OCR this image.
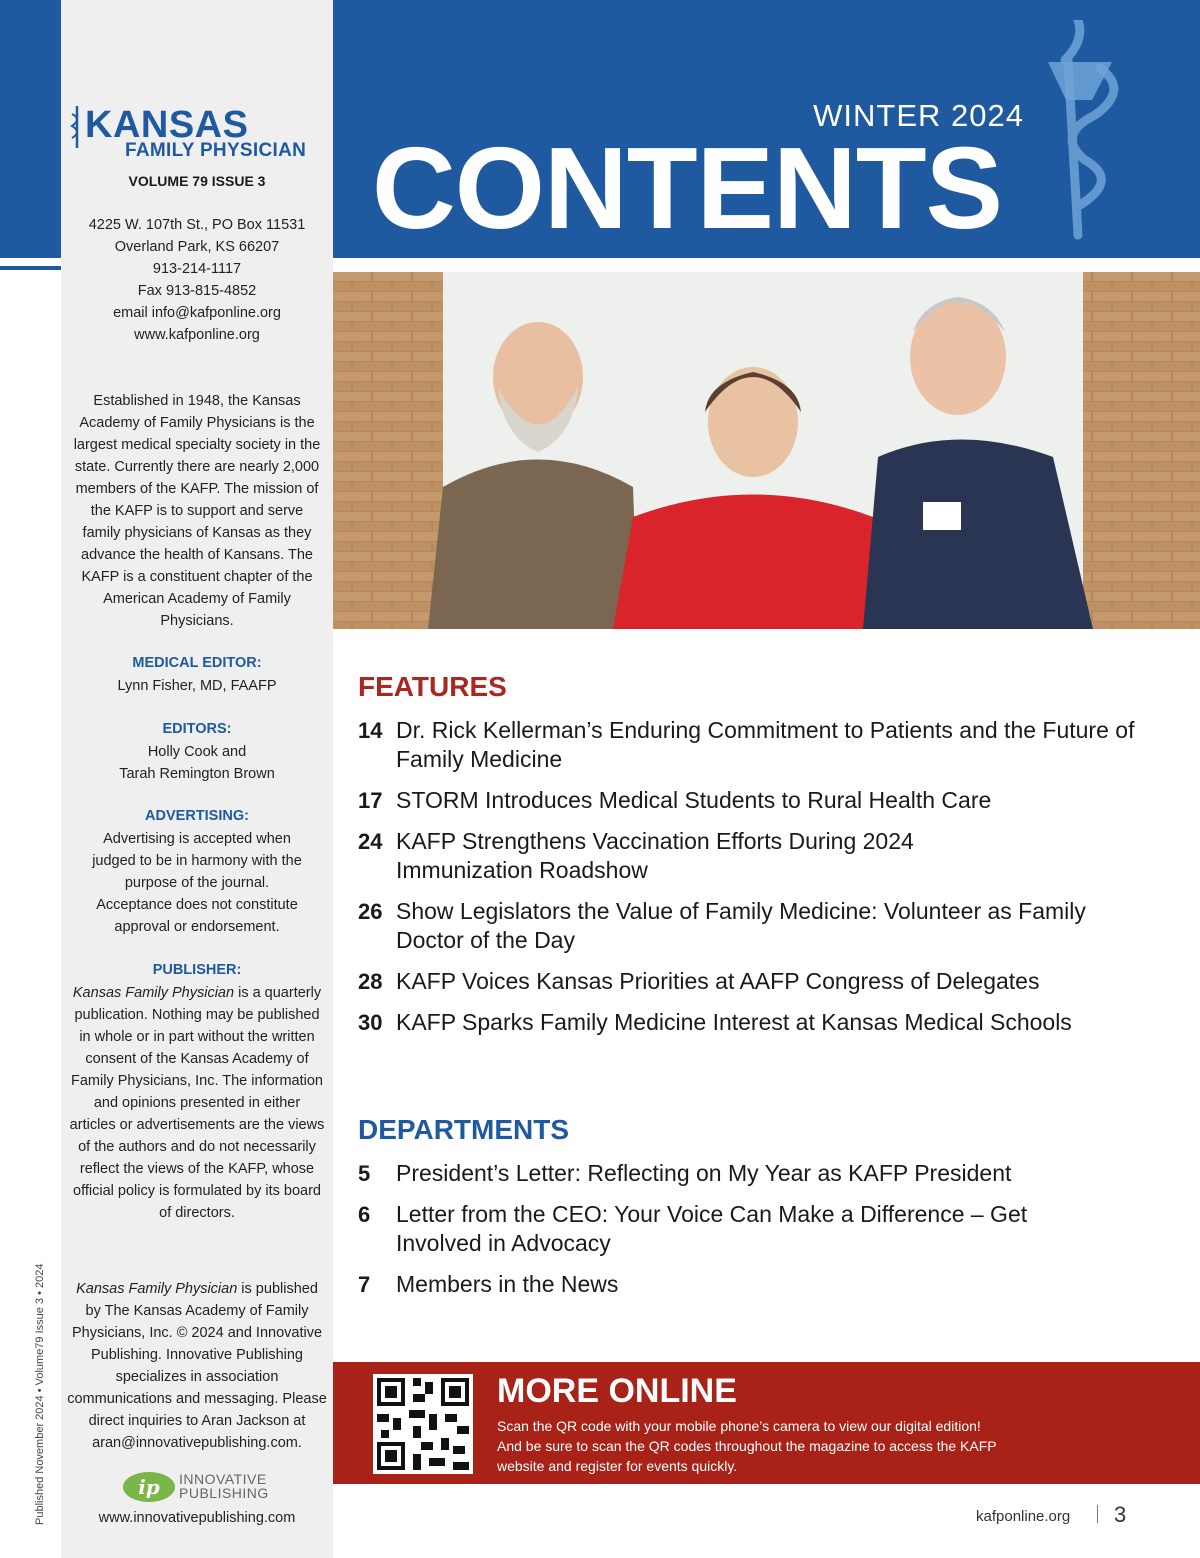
WINTER 2024
CONTENTS
KANSAS
FAMILY PHYSICIAN
VOLUME 79 ISSUE 3
4225 W. 107th St., PO Box 11531
Overland Park, KS 66207
913-214-1117
Fax 913-815-4852
email info@kafponline.org
www.kafponline.org
Established in 1948, the Kansas Academy of Family Physicians is the largest medical specialty society in the state. Currently there are nearly 2,000 members of the KAFP. The mission of the KAFP is to support and serve family physicians of Kansas as they advance the health of Kansans. The KAFP is a constituent chapter of the American Academy of Family Physicians.
MEDICAL EDITOR:
Lynn Fisher, MD, FAAFP
EDITORS:
Holly Cook and
Tarah Remington Brown
ADVERTISING:
Advertising is accepted when judged to be in harmony with the purpose of the journal. Acceptance does not constitute approval or endorsement.
PUBLISHER:
Kansas Family Physician is a quarterly publication. Nothing may be published in whole or in part without the written consent of the Kansas Academy of Family Physicians, Inc. The information and opinions presented in either articles or advertisements are the views of the authors and do not necessarily reflect the views of the KAFP, whose official policy is formulated by its board of directors.
Kansas Family Physician is published by The Kansas Academy of Family Physicians, Inc. © 2024 and Innovative Publishing. Innovative Publishing specializes in association communications and messaging. Please direct inquiries to Aran Jackson at aran@innovativepublishing.com.
ip	INNOVATIVE
PUBLISHING
www.innovativepublishing.com
Published November 2024 • Volume79 Issue 3 • 2024
FEATURES
14 Dr. Rick Kellerman’s Enduring Commitment to Patients and the Future of Family Medicine
17 STORM Introduces Medical Students to Rural Health Care
24 KAFP Strengthens Vaccination Efforts During 2024 Immunization Roadshow
26 Show Legislators the Value of Family Medicine: Volunteer as Family Doctor of the Day
28 KAFP Voices Kansas Priorities at AAFP Congress of Delegates
30 KAFP Sparks Family Medicine Interest at Kansas Medical Schools
DEPARTMENTS
5	President’s Letter: Reflecting on My Year as KAFP President
6	Letter from the CEO: Your Voice Can Make a Difference – Get Involved in Advocacy
7	Members in the News
MORE ONLINE
Scan the QR code with your mobile phone’s camera to view our digital edition!
And be sure to scan the QR codes throughout the magazine to access the KAFP website and register for events quickly.
kafponline.org 3
